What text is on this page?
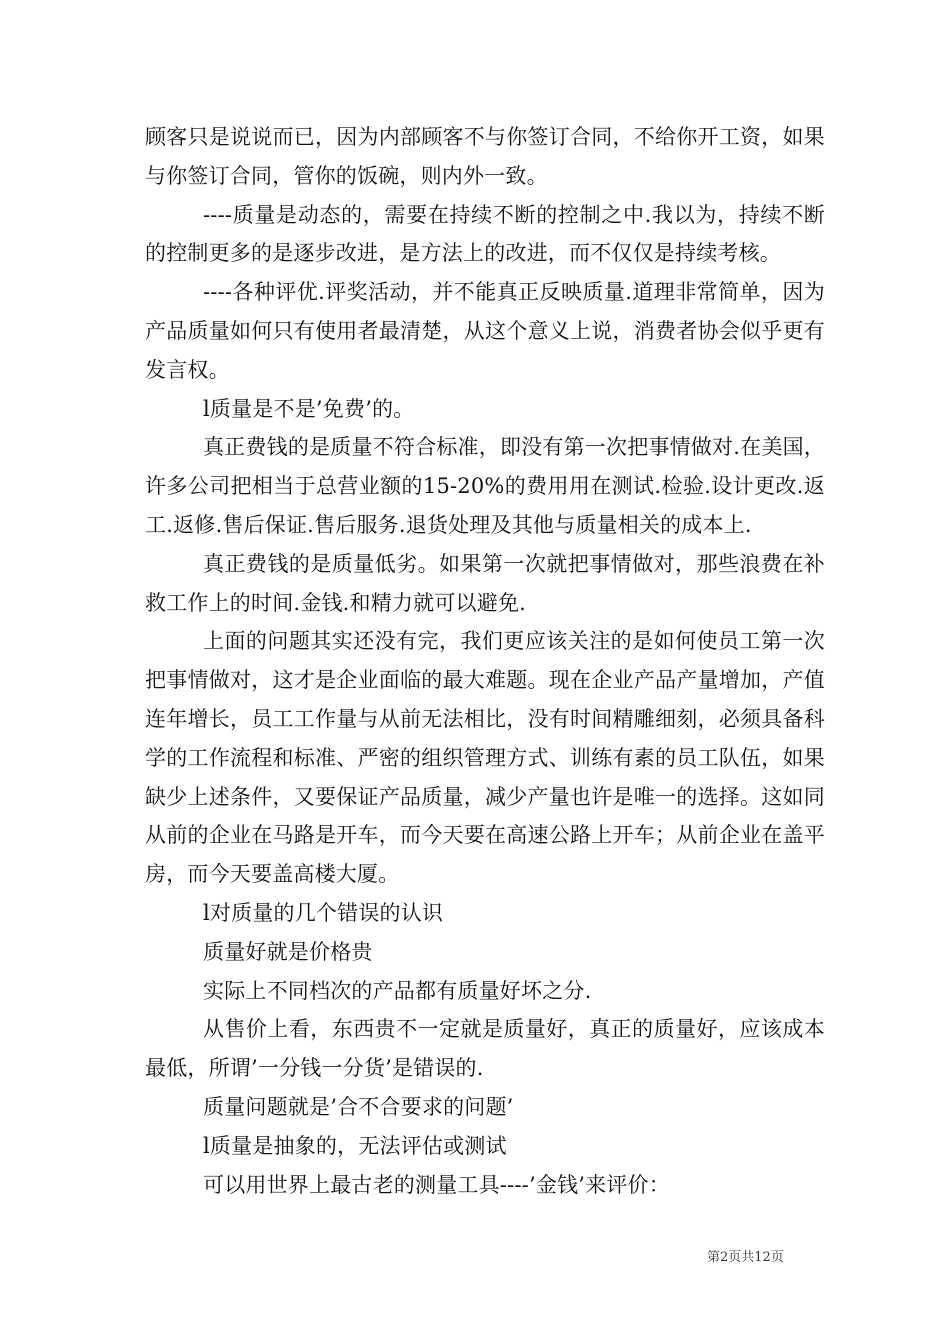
顾客只是说说而已，因为内部顾客不与你签订合同，不给你开工资，如果与你签订合同，管你的饭碗，则内外一致。

----质量是动态的，需要在持续不断的控制之中.我以为，持续不断的控制更多的是逐步改进，是方法上的改进，而不仅仅是持续考核。

----各种评优.评奖活动，并不能真正反映质量.道理非常简单，因为产品质量如何只有使用者最清楚，从这个意义上说，消费者协会似乎更有发言权。

l质量是不是’免费’的。

真正费钱的是质量不符合标准，即没有第一次把事情做对.在美国，许多公司把相当于总营业额的15-20%的费用用在测试.检验.设计更改.返工.返修.售后保证.售后服务.退货处理及其他与质量相关的成本上.

真正费钱的是质量低劣。如果第一次就把事情做对，那些浪费在补救工作上的时间.金钱.和精力就可以避免.

上面的问题其实还没有完，我们更应该关注的是如何使员工第一次把事情做对，这才是企业面临的最大难题。现在企业产品产量增加，产值连年增长，员工工作量与从前无法相比，没有时间精雕细刻，必须具备科学的工作流程和标准、严密的组织管理方式、训练有素的员工队伍，如果缺少上述条件，又要保证产品质量，减少产量也许是唯一的选择。这如同从前的企业在马路是开车，而今天要在高速公路上开车；从前企业在盖平房，而今天要盖高楼大厦。

l对质量的几个错误的认识

质量好就是价格贵

实际上不同档次的产品都有质量好坏之分.

从售价上看，东西贵不一定就是质量好，真正的质量好，应该成本最低，所谓’一分钱一分货’是错误的.

质量问题就是’合不合要求的问题’

l质量是抽象的，无法评估或测试

可以用世界上最古老的测量工具----’金钱’来评价：

第2页共12页
